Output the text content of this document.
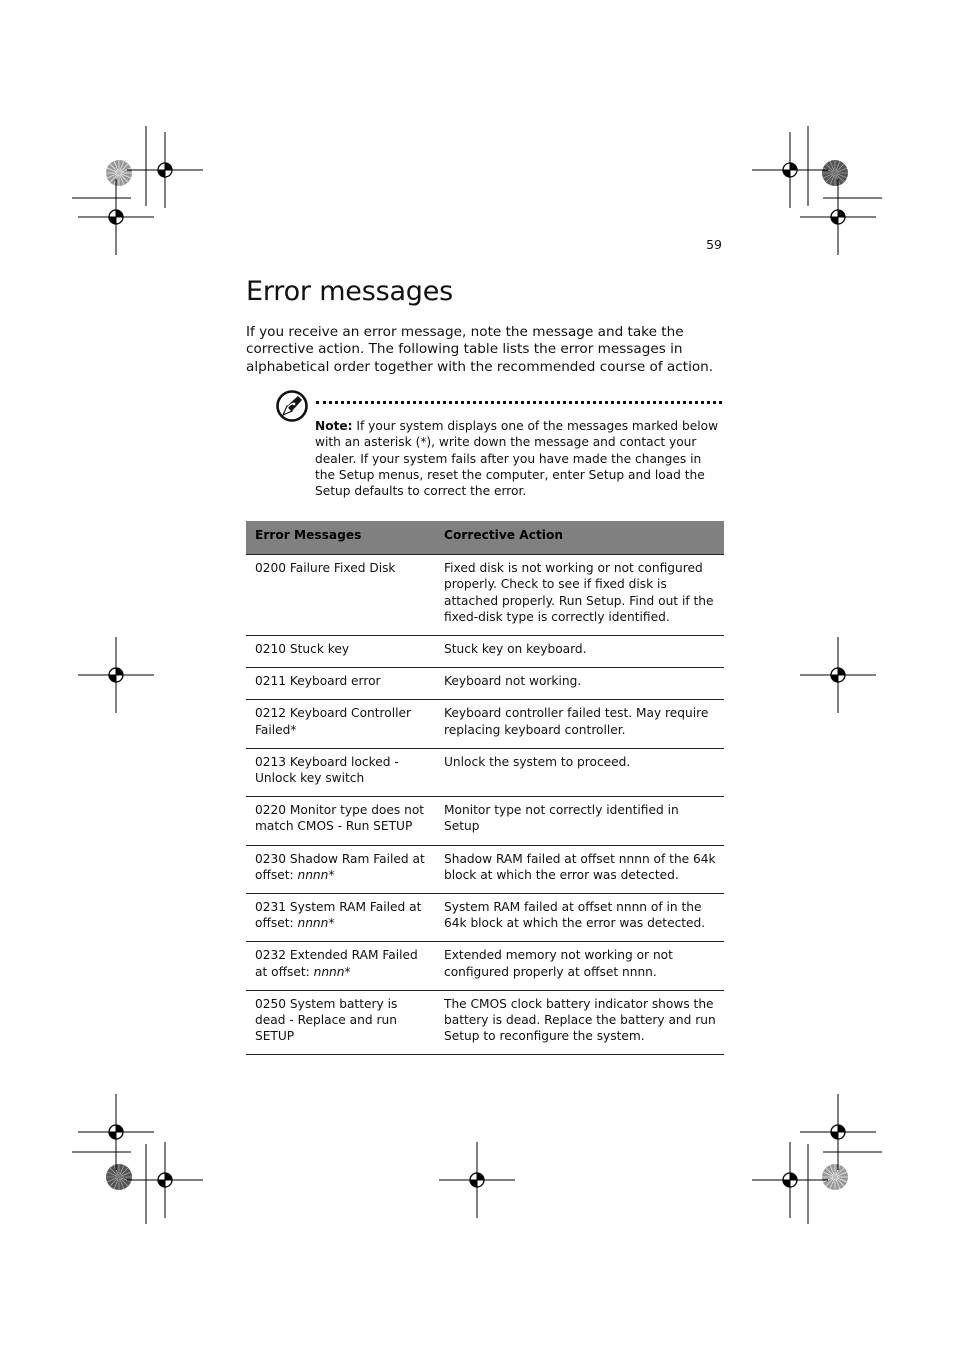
59
Error messages

If you receive an error message, note the message and take the corrective action. The following table lists the error messages in alphabetical order together with the recommended course of action.

Note: If your system displays one of the messages marked below with an asterisk (*), write down the message and contact your dealer. If your system fails after you have made the changes in the Setup menus, reset the computer, enter Setup and load the Setup defaults to correct the error.

Error Messages	Corrective Action
0200 Failure Fixed Disk	Fixed disk is not working or not configured properly. Check to see if fixed disk is attached properly. Run Setup. Find out if the fixed-disk type is correctly identified.
0210 Stuck key	Stuck key on keyboard.
0211 Keyboard error	Keyboard not working.
0212 Keyboard Controller Failed*	Keyboard controller failed test. May require replacing keyboard controller.
0213 Keyboard locked - Unlock key switch	Unlock the system to proceed.
0220 Monitor type does not match CMOS - Run SETUP	Monitor type not correctly identified in Setup
0230 Shadow Ram Failed at offset: nnnn*	Shadow RAM failed at offset nnnn of the 64k block at which the error was detected.
0231 System RAM Failed at offset: nnnn*	System RAM failed at offset nnnn of in the 64k block at which the error was detected.
0232 Extended RAM Failed at offset: nnnn*	Extended memory not working or not configured properly at offset nnnn.
0250 System battery is dead - Replace and run SETUP	The CMOS clock battery indicator shows the battery is dead. Replace the battery and run Setup to reconfigure the system.
